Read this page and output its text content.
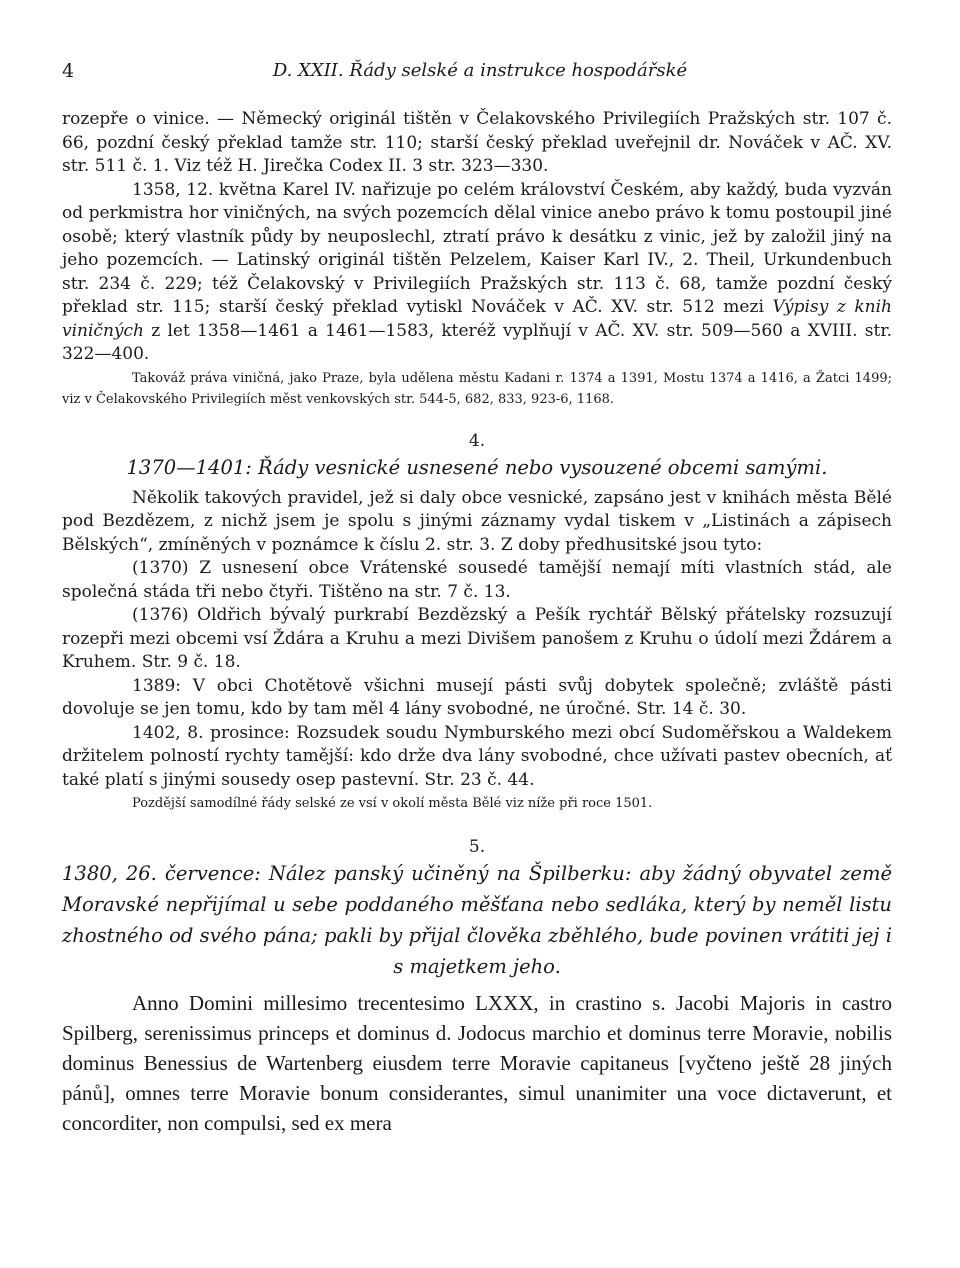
4	D. XXII. Řády selské a instrukce hospodářské

rozepře o vinice. — Německý originál tištěn v Čelakovského Privilegiích Pražských str. 107 č. 66, pozdní český překlad tamže str. 110; starší český překlad uveřejnil dr. Nováček v AČ. XV. str. 511 č. 1. Viz též H. Jirečka Codex II. 3 str. 323—330.

1358, 12. května Karel IV. nařizuje po celém království Českém, aby každý, buda vyzván od perkmistra hor viničných, na svých pozemcích dělal vinice anebo právo k tomu postoupil jiné osobě; který vlastník půdy by neuposlechl, ztratí právo k desátku z vinic, jež by založil jiný na jeho pozemcích. — Latinský originál tištěn Pelzelem, Kaiser Karl IV., 2. Theil, Urkundenbuch str. 234 č. 229; též Čelakovský v Privilegiích Pražských str. 113 č. 68, tamže pozdní český překlad str. 115; starší český překlad vytiskl Nováček v AČ. XV. str. 512 mezi Výpisy z knih viničných z let 1358—1461 a 1461—1583, kteréž vyplňují v AČ. XV. str. 509—560 a XVIII. str. 322—400.

Takováž práva viničná, jako Praze, byla udělena městu Kadani r. 1374 a 1391, Mostu 1374 a 1416, a Žatci 1499; viz v Čelakovského Privilegiích měst venkovských str. 544-5, 682, 833, 923-6, 1168.

4.
1370—1401: Řády vesnické usnesené nebo vysouzené obcemi samými.

Několik takových pravidel, jež si daly obce vesnické, zapsáno jest v knihách města Bělé pod Bezdězem, z nichž jsem je spolu s jinými záznamy vydal tiskem v „Listinách a zápisech Bělských“, zmíněných v poznámce k číslu 2. str. 3. Z doby předhusitské jsou tyto:

(1370) Z usnesení obce Vrátenské sousedé tamější nemají míti vlastních stád, ale společná stáda tři nebo čtyři. Tištěno na str. 7 č. 13.

(1376) Oldřich bývalý purkrabí Bezdězský a Pešík rychtář Bělský přátelsky rozsuzují rozepři mezi obcemi vsí Ždára a Kruhu a mezi Divišem panošem z Kruhu o údolí mezi Ždárem a Kruhem. Str. 9 č. 18.

1389: V obci Chotětově všichni musejí pásti svůj dobytek společně; zvláště pásti dovoluje se jen tomu, kdo by tam měl 4 lány svobodné, ne úročné. Str. 14 č. 30.

1402, 8. prosince: Rozsudek soudu Nymburského mezi obcí Sudoměřskou a Waldekem držitelem polností rychty tamější: kdo drže dva lány svobodné, chce užívati pastev obecních, ať také platí s jinými sousedy osep pastevní. Str. 23 č. 44.

Pozdější samodílné řády selské ze vsí v okolí města Bělé viz níže při roce 1501.

5.
1380, 26. července: Nález panský učiněný na Špilberku: aby žádný obyvatel země Moravské nepřijímal u sebe poddaného měšťana nebo sedláka, který by neměl listu zhostného od svého pána; pakli by přijal člověka zběhlého, bude povinen vrátiti jej i s majetkem jeho.

Anno Domini millesimo trecentesimo LXXX, in crastino s. Jacobi Majoris in castro Spilberg, serenissimus princeps et dominus d. Jodocus marchio et dominus terre Moravie, nobilis dominus Benessius de Wartenberg eiusdem terre Moravie capitaneus [vyčteno ještě 28 jiných pánů], omnes terre Moravie bonum considerantes, simul unanimiter una voce dictaverunt, et concorditer, non compulsi, sed ex mera
